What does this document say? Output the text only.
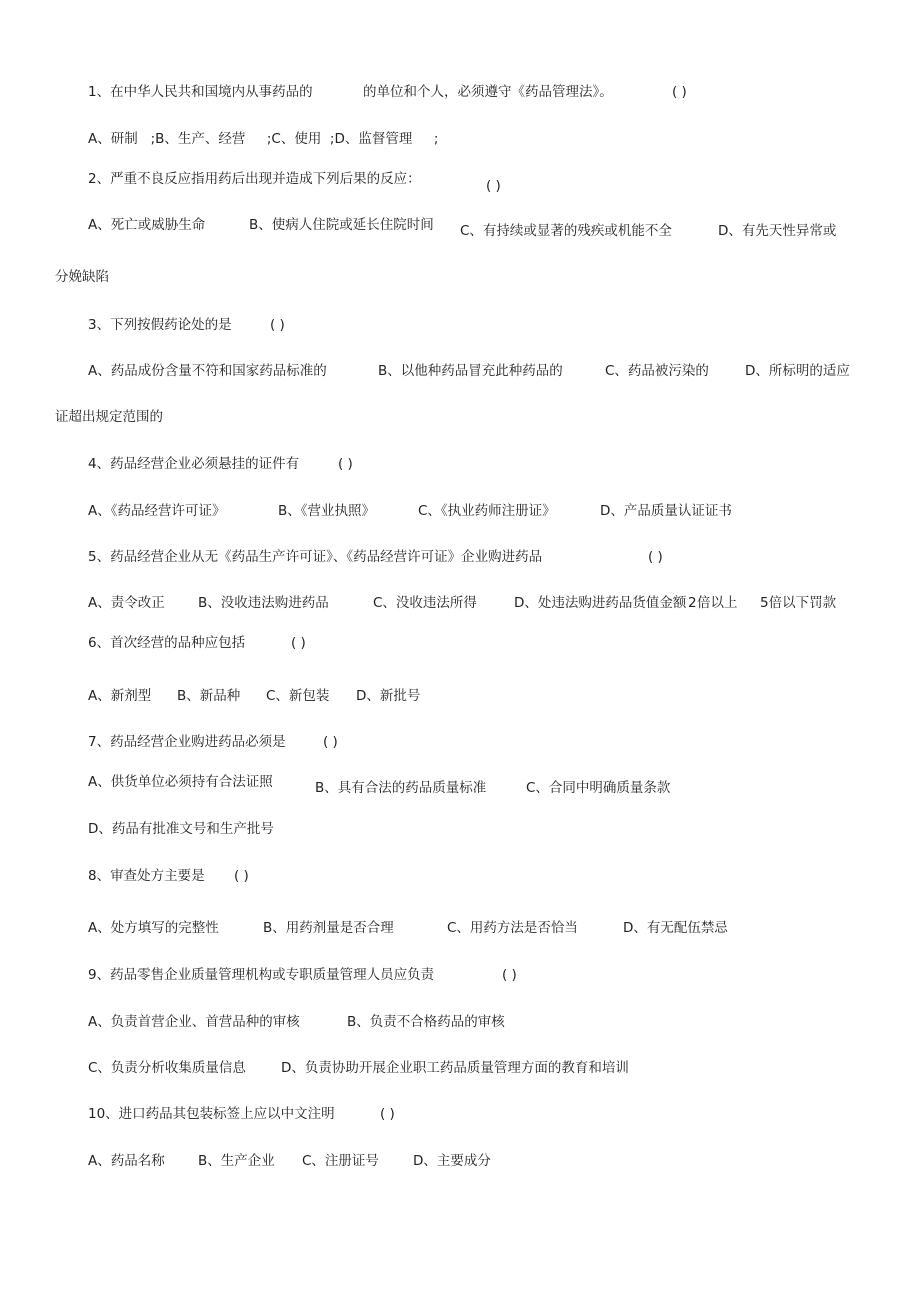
1、在中华人民共和国境内从事药品的	的单位和个人，必须遵守《药品管理法》。	( )
A、研制   ;B、生产、经营     ;C、使用  ;D、监督管理     ;
2、严重不良反应指用药后出现并造成下列后果的反应：	( )
A、死亡或威胁生命	B、使病人住院或延长住院时间 C、有持续或显著的残疾或机能不全	D、有先天性异常或
分娩缺陷
3、下列按假药论处的是	( )
A、药品成份含量不符和国家药品标准的	B、以他种药品冒充此种药品的	C、药品被污染的	D、所标明的适应
证超出规定范围的
4、药品经营企业必须悬挂的证件有	( )
A、《药品经营许可证》	B、《营业执照》	C、《执业药师注册证》	D、产品质量认证证书
5、药品经营企业从无《药品生产许可证》、《药品经营许可证》企业购进药品	( )
A、责令改正 B、没收违法购进药品	C、没收违法所得	D、处违法购进药品货值金额 2 倍以上 5倍以下罚款
6、首次经营的品种应包括	( )
A、新剂型 B、新品种 C、新包装 D、新批号
7、药品经营企业购进药品必须是	( )
A、供货单位必须持有合法证照	B、具有合法的药品质量标准	C、合同中明确质量条款
D、药品有批准文号和生产批号
8、审查处方主要是 ( )
A、处方填写的完整性	B、用药剂量是否合理	C、用药方法是否恰当	D、有无配伍禁忌
9、药品零售企业质量管理机构或专职质量管理人员应负责	( )
A、负责首营企业、首营品种的审核	B、负责不合格药品的审核
C、负责分析收集质量信息	D、负责协助开展企业职工药品质量管理方面的教育和培训
10、进口药品其包装标签上应以中文注明	( )
A、药品名称 B、生产企业 C、注册证号	D、主要成分
